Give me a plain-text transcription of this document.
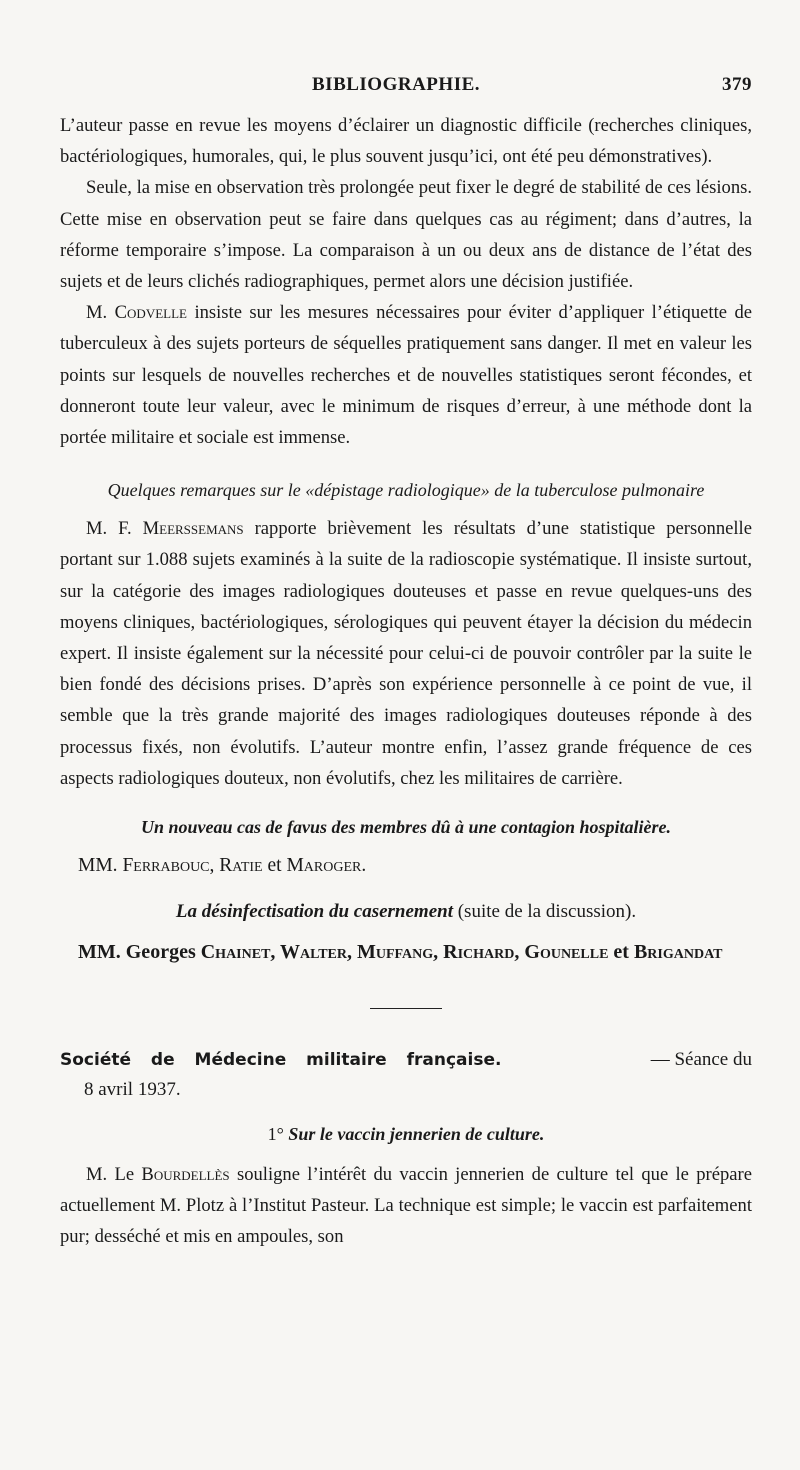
BIBLIOGRAPHIE.	379

L’auteur passe en revue les moyens d’éclairer un diagnostic difficile (recherches cliniques, bactériologiques, humorales, qui, le plus souvent jusqu’ici, ont été peu démonstratives).

Seule, la mise en observation très prolongée peut fixer le degré de stabilité de ces lésions. Cette mise en observation peut se faire dans quelques cas au régiment; dans d’autres, la réforme temporaire s’impose. La comparaison à un ou deux ans de distance de l’état des sujets et de leurs clichés radiographiques, permet alors une décision justifiée.

M. Codvelle insiste sur les mesures nécessaires pour éviter d’appliquer l’étiquette de tuberculeux à des sujets porteurs de séquelles pratiquement sans danger. Il met en valeur les points sur lesquels de nouvelles recherches et de nouvelles statistiques seront fécondes, et donneront toute leur valeur, avec le minimum de risques d’erreur, à une méthode dont la portée militaire et sociale est immense.

Quelques remarques sur le «dépistage radiologique» de la tuberculose pulmonaire

M. F. Meerssemans rapporte brièvement les résultats d’une statistique personnelle portant sur 1.088 sujets examinés à la suite de la radioscopie systématique. Il insiste surtout, sur la catégorie des images radiologiques douteuses et passe en revue quelques-uns des moyens cliniques, bactériologiques, sérologiques qui peuvent étayer la décision du médecin expert. Il insiste également sur la nécessité pour celui-ci de pouvoir contrôler par la suite le bien fondé des décisions prises. D’après son expérience personnelle à ce point de vue, il semble que la très grande majorité des images radiologiques douteuses réponde à des processus fixés, non évolutifs. L’auteur montre enfin, l’assez grande fréquence de ces aspects radiologiques douteux, non évolutifs, chez les militaires de carrière.

Un nouveau cas de favus des membres dû à une contagion hospitalière.
MM. Ferrabouc, Ratie et Maroger.
La désinfectisation du casernement (suite de la discussion).
MM. Georges Chainet, Walter, Muffang, Richard, Gounelle et Brigandat
Société de Médecine militaire française.	— Séance du
8 avril 1937.
1° Sur le vaccin jennerien de culture.

M. Le Bourdellès souligne l’intérêt du vaccin jennerien de culture tel que le prépare actuellement M. Plotz à l’Institut Pasteur. La technique est simple; le vaccin est parfaitement pur; desséché et mis en ampoules, son
